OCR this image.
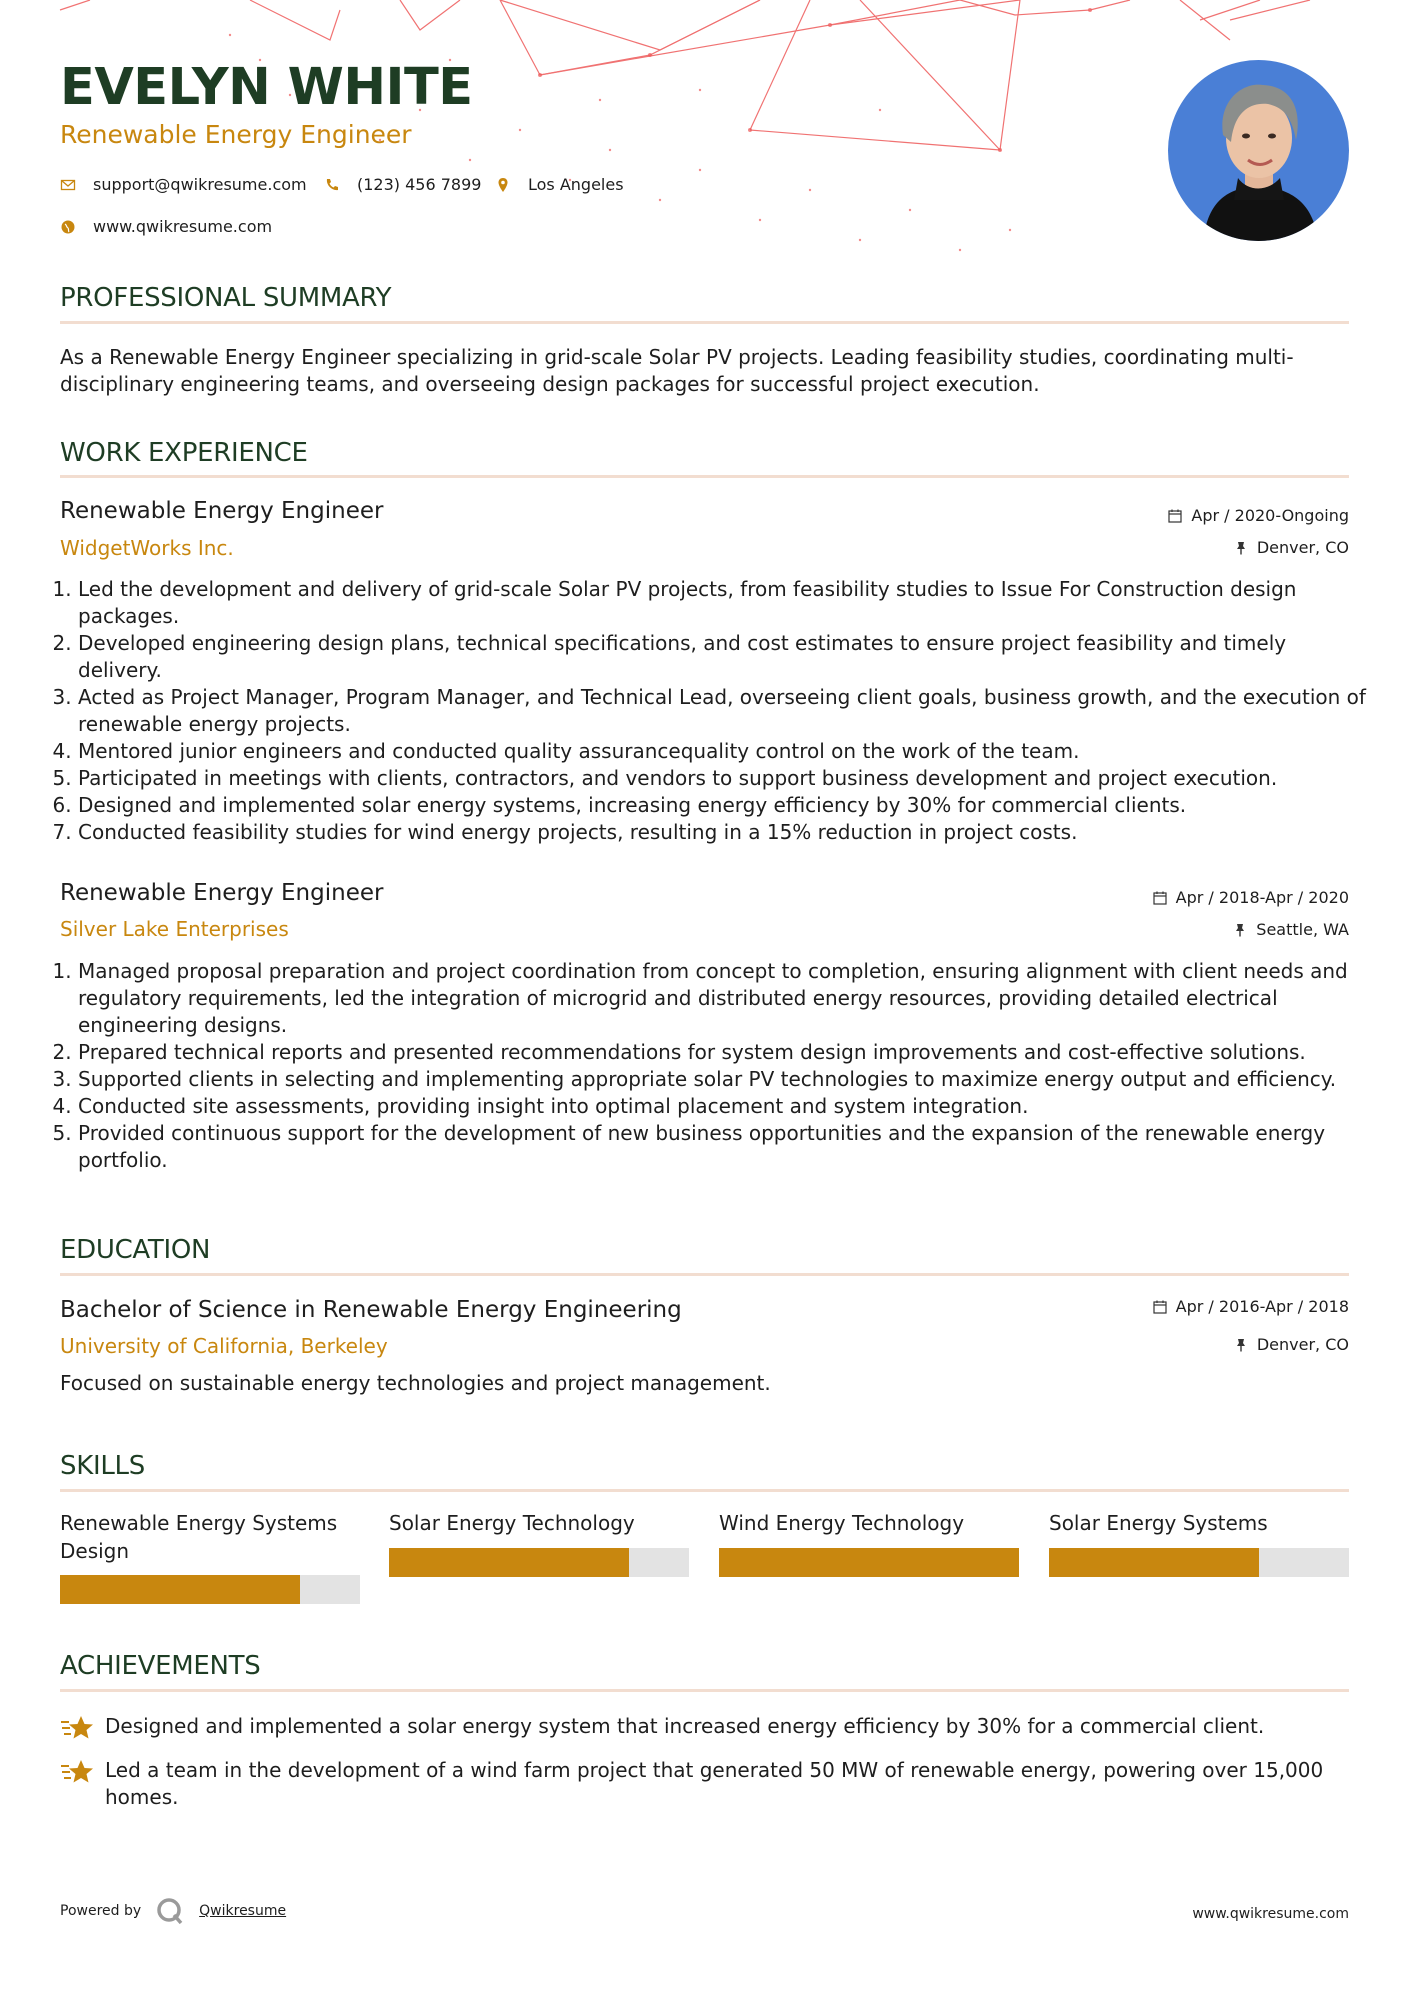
EVELYN WHITE
Renewable Energy Engineer
support@qwikresume.com	(123) 456 7899	Los Angeles
www.qwikresume.com
PROFESSIONAL SUMMARY
As a Renewable Energy Engineer specializing in grid-scale Solar PV projects. Leading feasibility studies, coordinating multi-disciplinary engineering teams, and overseeing design packages for successful project execution.
WORK EXPERIENCE
Renewable Energy Engineer
WidgetWorks Inc.
Apr / 2020-Ongoing
Denver, CO
1. Led the development and delivery of grid-scale Solar PV projects, from feasibility studies to Issue For Construction design packages.
2. Developed engineering design plans, technical specifications, and cost estimates to ensure project feasibility and timely delivery.
3. Acted as Project Manager, Program Manager, and Technical Lead, overseeing client goals, business growth, and the execution of renewable energy projects.
4. Mentored junior engineers and conducted quality assurancequality control on the work of the team.
5. Participated in meetings with clients, contractors, and vendors to support business development and project execution.
6. Designed and implemented solar energy systems, increasing energy efficiency by 30% for commercial clients.
7. Conducted feasibility studies for wind energy projects, resulting in a 15% reduction in project costs.
Renewable Energy Engineer
Silver Lake Enterprises
Apr / 2018-Apr / 2020
Seattle, WA
1. Managed proposal preparation and project coordination from concept to completion, ensuring alignment with client needs and regulatory requirements, led the integration of microgrid and distributed energy resources, providing detailed electrical engineering designs.
2. Prepared technical reports and presented recommendations for system design improvements and cost-effective solutions.
3. Supported clients in selecting and implementing appropriate solar PV technologies to maximize energy output and efficiency.
4. Conducted site assessments, providing insight into optimal placement and system integration.
5. Provided continuous support for the development of new business opportunities and the expansion of the renewable energy portfolio.
EDUCATION
Bachelor of Science in Renewable Energy Engineering
University of California, Berkeley
Apr / 2016-Apr / 2018
Denver, CO
Focused on sustainable energy technologies and project management.
SKILLS
Renewable Energy Systems Design
Solar Energy Technology	Wind Energy Technology	Solar Energy Systems
ACHIEVEMENTS
Designed and implemented a solar energy system that increased energy efficiency by 30% for a commercial client.
Led a team in the development of a wind farm project that generated 50 MW of renewable energy, powering over 15,000 homes.
Powered by	Qwikresume	www.qwikresume.com
